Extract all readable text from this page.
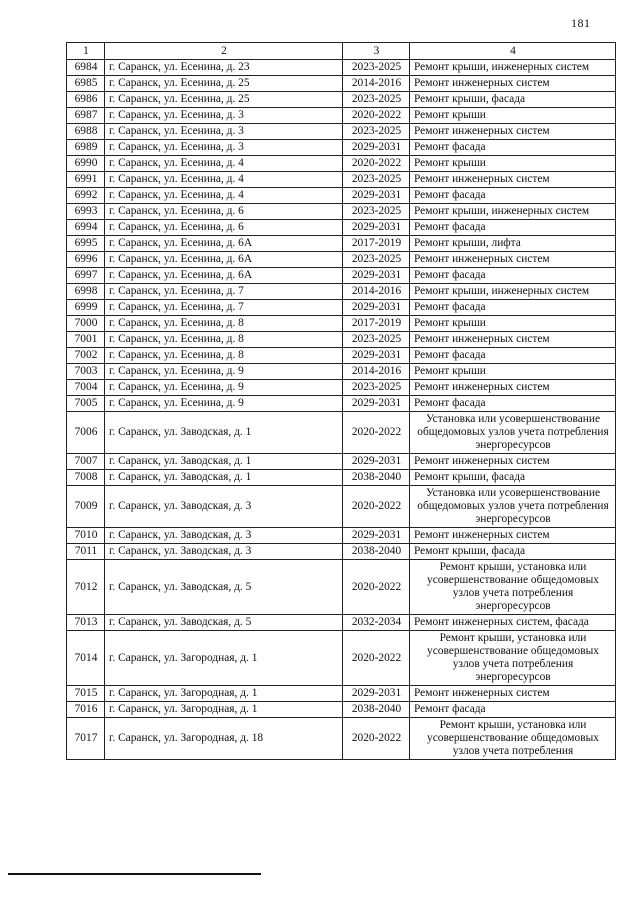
181
1	2	3	4
6984	г. Саранск, ул. Есенина, д. 23	2023-2025	Ремонт крыши, инженерных систем
6985	г. Саранск, ул. Есенина, д. 25	2014-2016	Ремонт инженерных систем
6986	г. Саранск, ул. Есенина, д. 25	2023-2025	Ремонт крыши, фасада
6987	г. Саранск, ул. Есенина, д. 3	2020-2022	Ремонт крыши
6988	г. Саранск, ул. Есенина, д. 3	2023-2025	Ремонт инженерных систем
6989	г. Саранск, ул. Есенина, д. 3	2029-2031	Ремонт фасада
6990	г. Саранск, ул. Есенина, д. 4	2020-2022	Ремонт крыши
6991	г. Саранск, ул. Есенина, д. 4	2023-2025	Ремонт инженерных систем
6992	г. Саранск, ул. Есенина, д. 4	2029-2031	Ремонт фасада
6993	г. Саранск, ул. Есенина, д. 6	2023-2025	Ремонт крыши, инженерных систем
6994	г. Саранск, ул. Есенина, д. 6	2029-2031	Ремонт фасада
6995	г. Саранск, ул. Есенина, д. 6А	2017-2019	Ремонт крыши, лифта
6996	г. Саранск, ул. Есенина, д. 6А	2023-2025	Ремонт инженерных систем
6997	г. Саранск, ул. Есенина, д. 6А	2029-2031	Ремонт фасада
6998	г. Саранск, ул. Есенина, д. 7	2014-2016	Ремонт крыши, инженерных систем
6999	г. Саранск, ул. Есенина, д. 7	2029-2031	Ремонт фасада
7000	г. Саранск, ул. Есенина, д. 8	2017-2019	Ремонт крыши
7001	г. Саранск, ул. Есенина, д. 8	2023-2025	Ремонт инженерных систем
7002	г. Саранск, ул. Есенина, д. 8	2029-2031	Ремонт фасада
7003	г. Саранск, ул. Есенина, д. 9	2014-2016	Ремонт крыши
7004	г. Саранск, ул. Есенина, д. 9	2023-2025	Ремонт инженерных систем
7005	г. Саранск, ул. Есенина, д. 9	2029-2031	Ремонт фасада
7006	г. Саранск, ул. Заводская, д. 1	2020-2022	Установка или усовершенствование общедомовых узлов учета потребления энергоресурсов
7007	г. Саранск, ул. Заводская, д. 1	2029-2031	Ремонт инженерных систем
7008	г. Саранск, ул. Заводская, д. 1	2038-2040	Ремонт крыши, фасада
7009	г. Саранск, ул. Заводская, д. 3	2020-2022	Установка или усовершенствование общедомовых узлов учета потребления энергоресурсов
7010	г. Саранск, ул. Заводская, д. 3	2029-2031	Ремонт инженерных систем
7011	г. Саранск, ул. Заводская, д. 3	2038-2040	Ремонт крыши, фасада
7012	г. Саранск, ул. Заводская, д. 5	2020-2022	Ремонт крыши, установка или усовершенствование общедомовых узлов учета потребления энергоресурсов
7013	г. Саранск, ул. Заводская, д. 5	2032-2034	Ремонт инженерных систем, фасада
7014	г. Саранск, ул. Загородная, д. 1	2020-2022	Ремонт крыши, установка или усовершенствование общедомовых узлов учета потребления энергоресурсов
7015	г. Саранск, ул. Загородная, д. 1	2029-2031	Ремонт инженерных систем
7016	г. Саранск, ул. Загородная, д. 1	2038-2040	Ремонт фасада
7017	г. Саранск, ул. Загородная, д. 18	2020-2022	Ремонт крыши, установка или усовершенствование общедомовых узлов учета потребления
